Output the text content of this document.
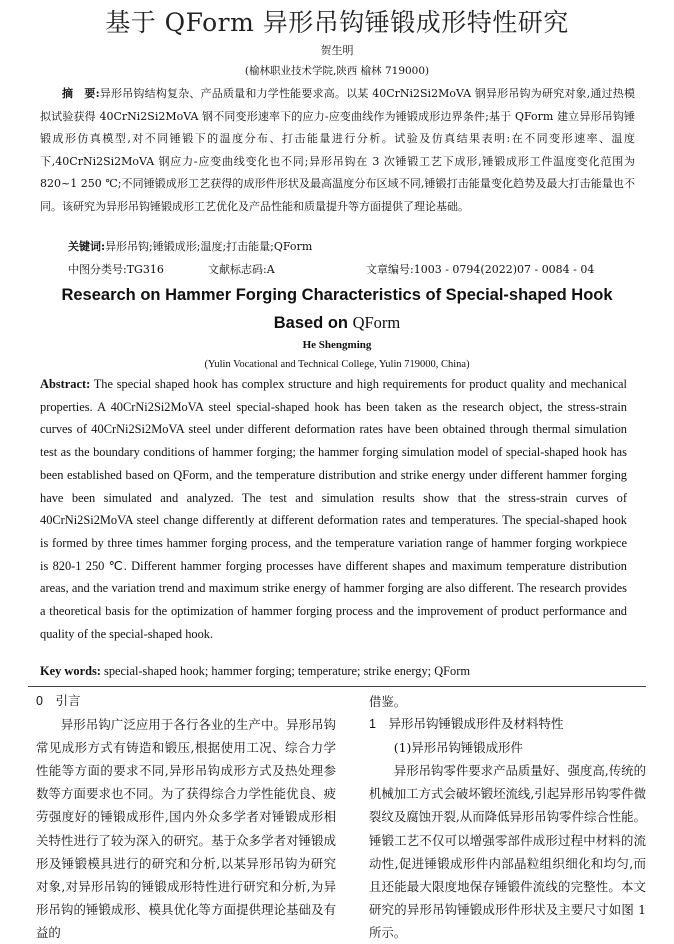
基于 QForm 异形吊钩锤锻成形特性研究
贺生明
(榆林职业技术学院,陕西 榆林 719000)

摘　要:异形吊钩结构复杂、产品质量和力学性能要求高。以某 40CrNi2Si2MoVA 钢异形吊钩为研究对象,通过热模拟试验获得 40CrNi2Si2MoVA 钢不同变形速率下的应力-应变曲线作为锤锻成形边界条件;基于 QForm 建立异形吊钩锤锻成形仿真模型,对不同锤锻下的温度分布、打击能量进行分析。试验及仿真结果表明:在不同变形速率、温度下,40CrNi2Si2MoVA 钢应力-应变曲线变化也不同;异形吊钩在 3 次锤锻工艺下成形,锤锻成形工件温度变化范围为 820~1 250 ℃;不同锤锻成形工艺获得的成形件形状及最高温度分布区域不同,锤锻打击能量变化趋势及最大打击能量也不同。该研究为异形吊钩锤锻成形工艺优化及产品性能和质量提升等方面提供了理论基础。

关键词:异形吊钩;锤锻成形;温度;打击能量;QForm
中图分类号:TG316	文献标志码:A	文章编号:1003 - 0794(2022)07 - 0084 - 04
Research on Hammer Forging Characteristics of Special-shaped Hook
Based on QForm
He Shengming
(Yulin Vocational and Technical College, Yulin 719000, China)

Abstract: The special shaped hook has complex structure and high requirements for product quality and mechanical properties. A 40CrNi2Si2MoVA steel special-shaped hook has been taken as the research object, the stress-strain curves of 40CrNi2Si2MoVA steel under different deformation rates have been obtained through thermal simulation test as the boundary conditions of hammer forging; the hammer forging simulation model of special-shaped hook has been established based on QForm, and the temperature distribution and strike energy under different hammer forging have been simulated and analyzed. The test and simulation results show that the stress-strain curves of 40CrNi2Si2MoVA steel change differently at different deformation rates and temperatures. The special-shaped hook is formed by three times hammer forging process, and the temperature variation range of hammer forging workpiece is 820-1 250 ℃. Different hammer forging processes have different shapes and maximum temperature distribution areas, and the variation trend and maximum strike energy of hammer forging are also different. The research provides a theoretical basis for the optimization of hammer forging process and the improvement of product performance and quality of the special-shaped hook.

Key words: special-shaped hook; hammer forging; temperature; strike energy; QForm

0　引言

异形吊钩广泛应用于各行各业的生产中。异形吊钩常见成形方式有铸造和锻压,根据使用工况、综合力学性能等方面的要求不同,异形吊钩成形方式及热处理参数等方面要求也不同。为了获得综合力学性能优良、疲劳强度好的锤锻成形件,国内外众多学者对锤锻成形相关特性进行了较为深入的研究。基于众多学者对锤锻成形及锤锻模具进行的研究和分析,以某异形吊钩为研究对象,对异形吊钩的锤锻成形特性进行研究和分析,为异形吊钩的锤锻成形、模具优化等方面提供理论基础及有益的

借鉴。

1　异形吊钩锤锻成形件及材料特性

(1)异形吊钩锤锻成形件

异形吊钩零件要求产品质量好、强度高,传统的机械加工方式会破坏锻坯流线,引起异形吊钩零件微裂纹及腐蚀开裂,从而降低异形吊钩零件综合性能。锤锻工艺不仅可以增强零部件成形过程中材料的流动性,促进锤锻成形件内部晶粒组织细化和均匀,而且还能最大限度地保存锤锻件流线的完整性。本文研究的异形吊钩锤锻成形件形状及主要尺寸如图 1 所示。
